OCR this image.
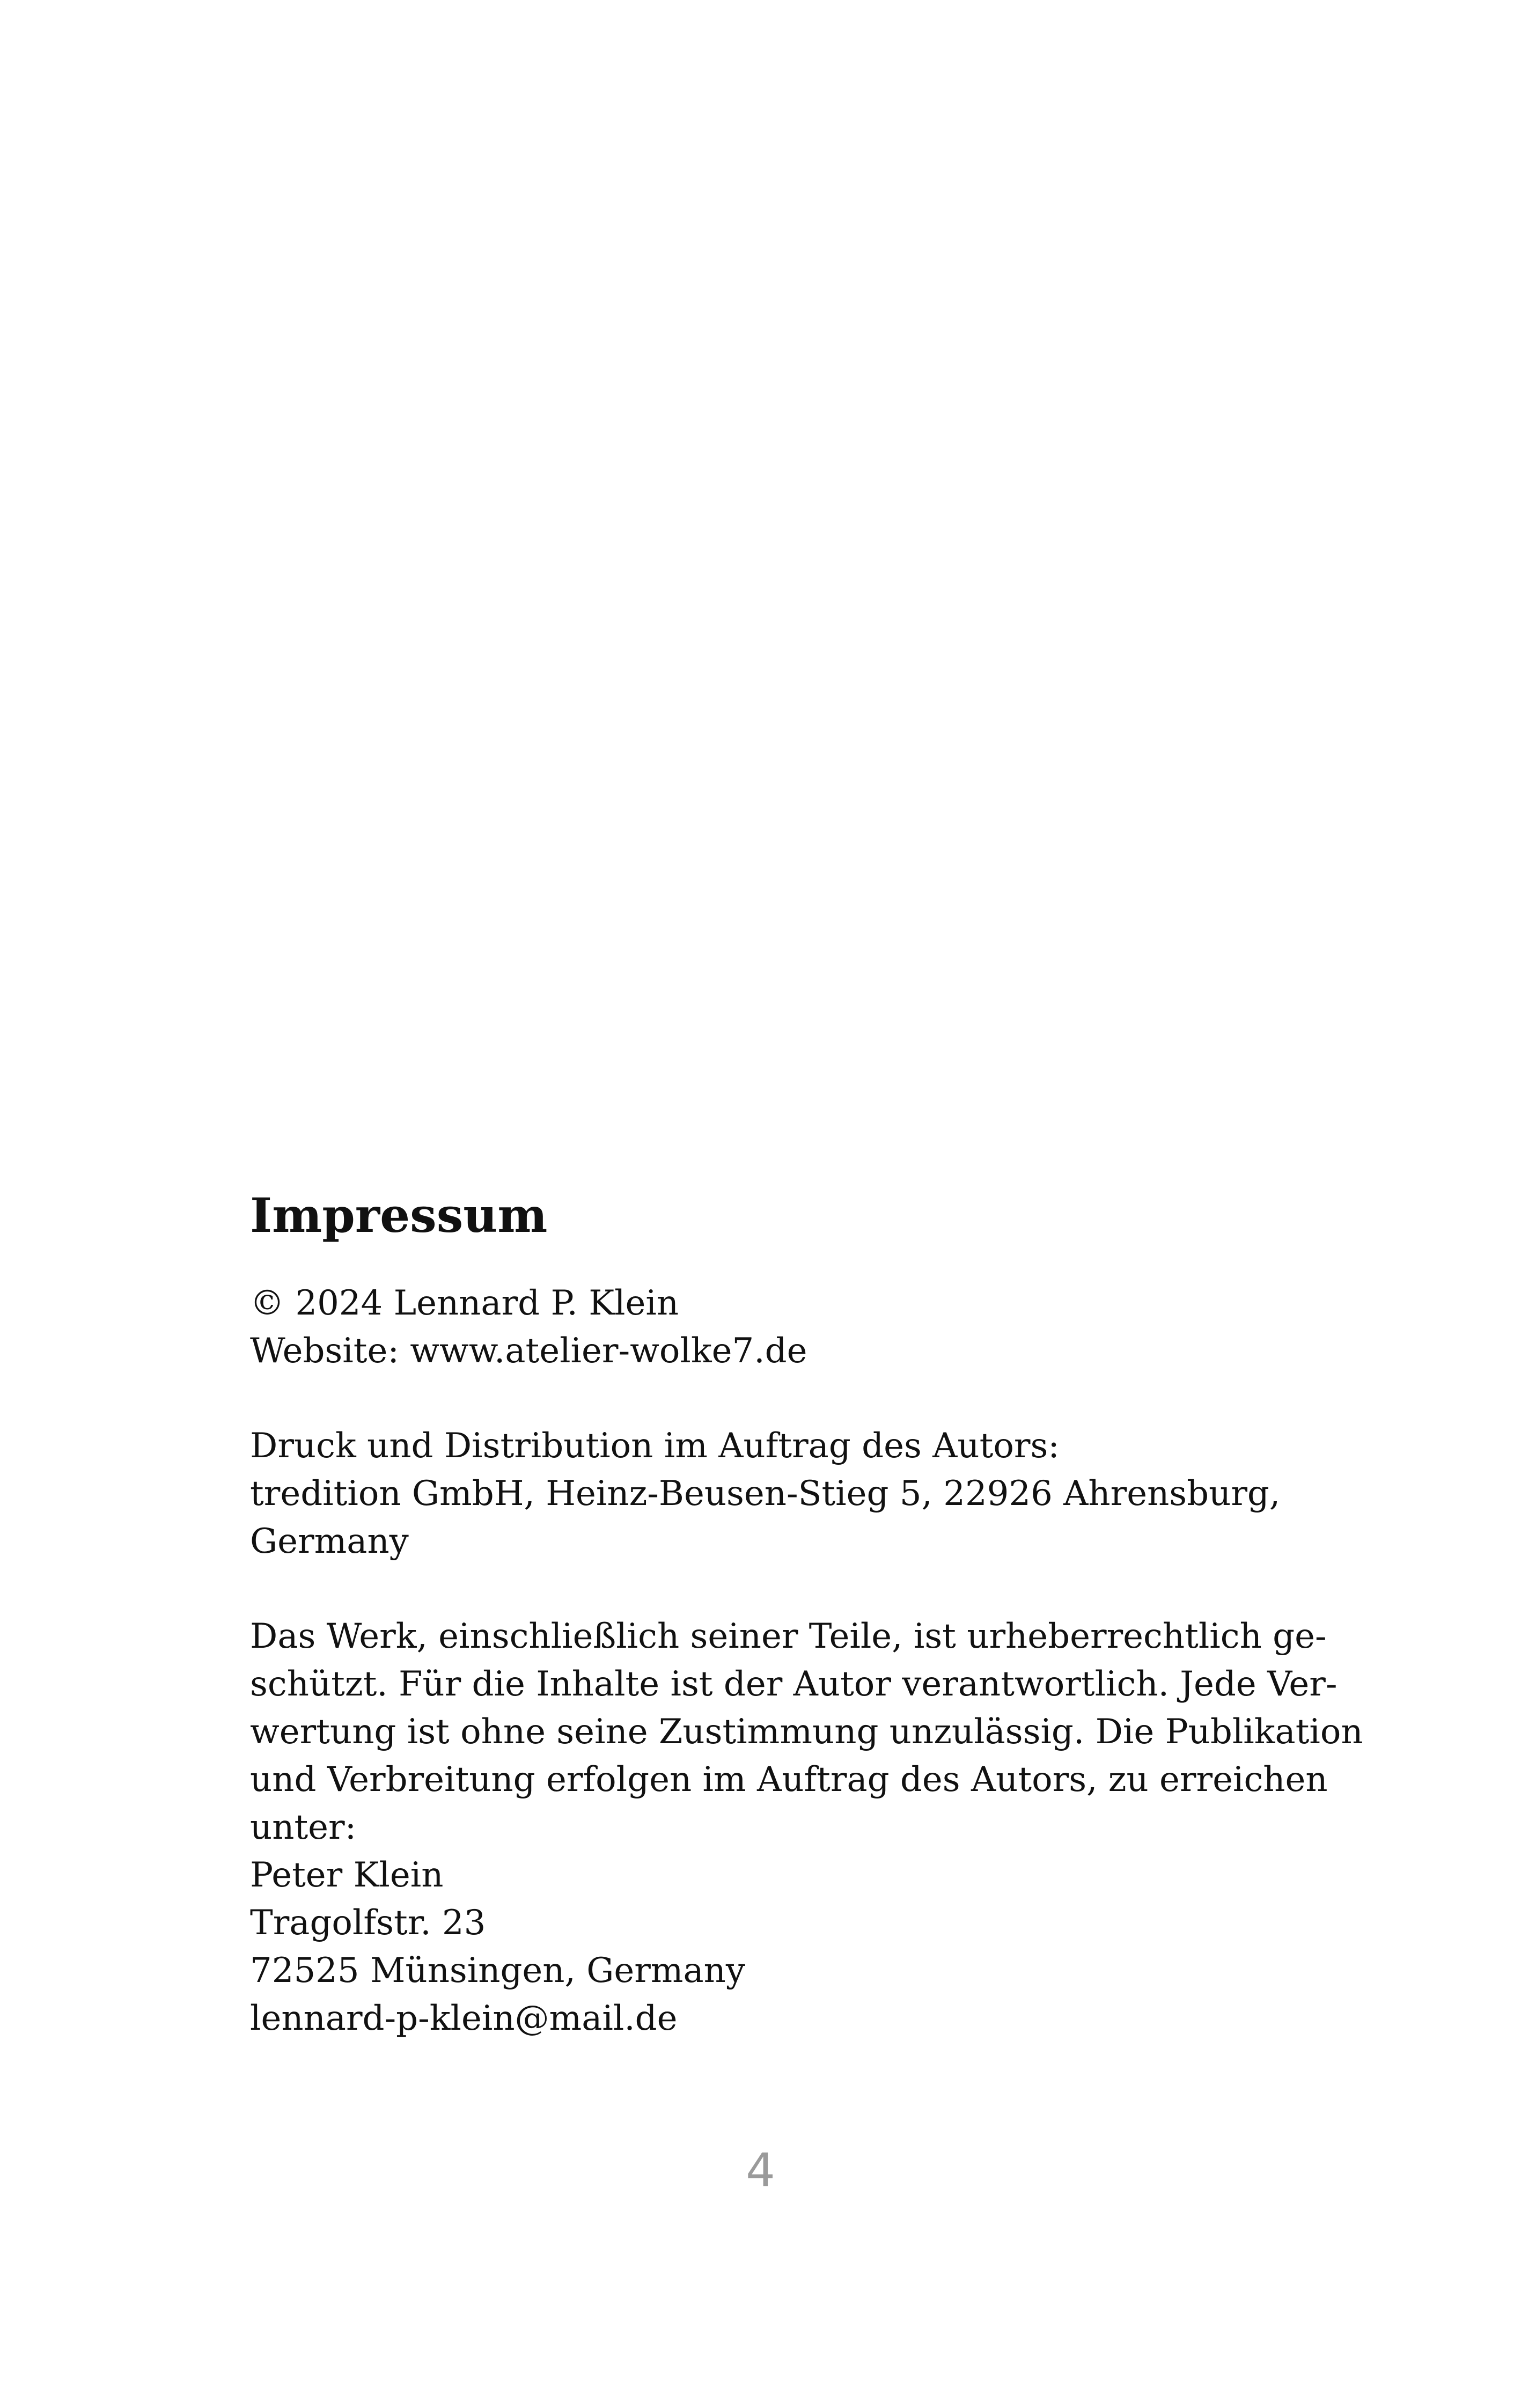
Impressum
© 2024 Lennard P. Klein
Website: www.atelier-wolke7.de
Druck und Distribution im Auftrag des Autors:
tredition GmbH, Heinz-Beusen-Stieg 5, 22926 Ahrensburg,
Germany
Das Werk, einschließlich seiner Teile, ist urheberrechtlich ge-
schützt. Für die Inhalte ist der Autor verantwortlich. Jede Ver-
wertung ist ohne seine Zustimmung unzulässig. Die Publikation
und Verbreitung erfolgen im Auftrag des Autors, zu erreichen
unter:
Peter Klein
Tragolfstr. 23
72525 Münsingen, Germany
lennard-p-klein@mail.de
4
